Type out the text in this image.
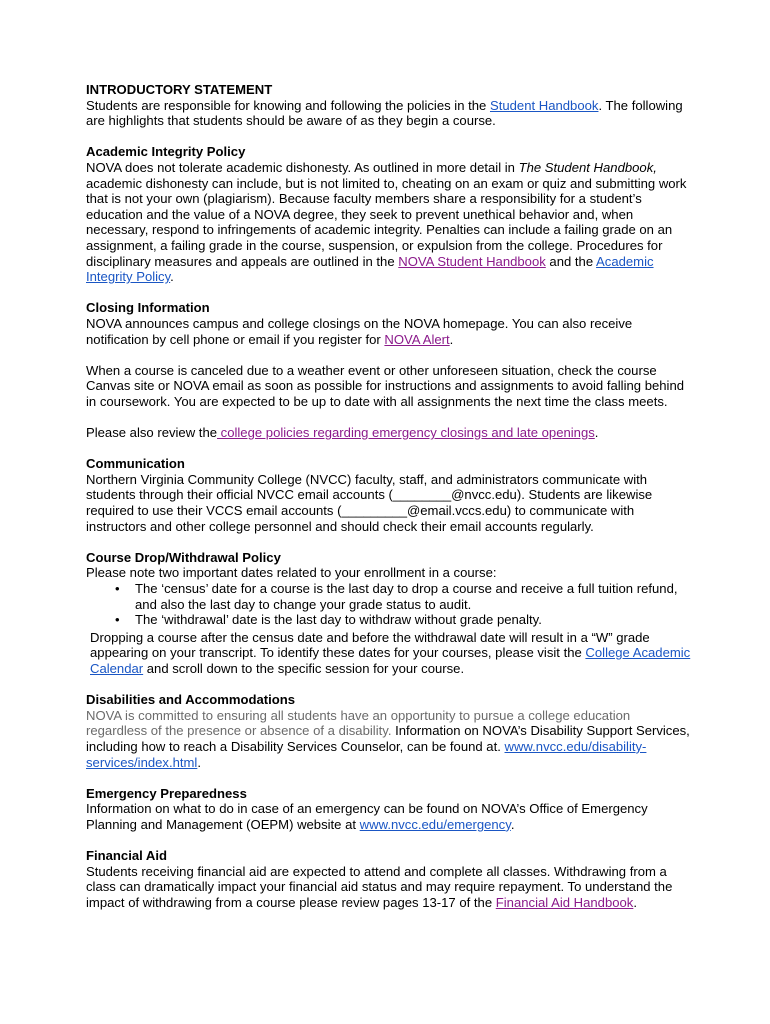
INTRODUCTORY STATEMENT

Students are responsible for knowing and following the policies in the Student Handbook. The following are highlights that students should be aware of as they begin a course.

Academic Integrity Policy

NOVA does not tolerate academic dishonesty. As outlined in more detail in The Student Handbook, academic dishonesty can include, but is not limited to, cheating on an exam or quiz and submitting work that is not your own (plagiarism). Because faculty members share a responsibility for a student’s education and the value of a NOVA degree, they seek to prevent unethical behavior and, when necessary, respond to infringements of academic integrity. Penalties can include a failing grade on an assignment, a failing grade in the course, suspension, or expulsion from the college. Procedures for disciplinary measures and appeals are outlined in the NOVA Student Handbook and the Academic Integrity Policy.

Closing Information

NOVA announces campus and college closings on the NOVA homepage. You can also receive notification by cell phone or email if you register for NOVA Alert.

When a course is canceled due to a weather event or other unforeseen situation, check the course Canvas site or NOVA email as soon as possible for instructions and assignments to avoid falling behind in coursework. You are expected to be up to date with all assignments the next time the class meets.

Please also review the college policies regarding emergency closings and late openings.

Communication

Northern Virginia Community College (NVCC) faculty, staff, and administrators communicate with students through their official NVCC email accounts (________@nvcc.edu). Students are likewise required to use their VCCS email accounts (_________@email.vccs.edu) to communicate with instructors and other college personnel and should check their email accounts regularly.

Course Drop/Withdrawal Policy

Please note two important dates related to your enrollment in a course:

• The ‘census’ date for a course is the last day to drop a course and receive a full tuition refund, and also the last day to change your grade status to audit.
• The ‘withdrawal’ date is the last day to withdraw without grade penalty.

Dropping a course after the census date and before the withdrawal date will result in a “W” grade appearing on your transcript. To identify these dates for your courses, please visit the College Academic Calendar and scroll down to the specific session for your course.

Disabilities and Accommodations

NOVA is committed to ensuring all students have an opportunity to pursue a college education regardless of the presence or absence of a disability. Information on NOVA’s Disability Support Services, including how to reach a Disability Services Counselor, can be found at. www.nvcc.edu/disability-services/index.html.

Emergency Preparedness

Information on what to do in case of an emergency can be found on NOVA’s Office of Emergency Planning and Management (OEPM) website at www.nvcc.edu/emergency.

Financial Aid

Students receiving financial aid are expected to attend and complete all classes. Withdrawing from a class can dramatically impact your financial aid status and may require repayment. To understand the impact of withdrawing from a course please review pages 13-17 of the Financial Aid Handbook.
